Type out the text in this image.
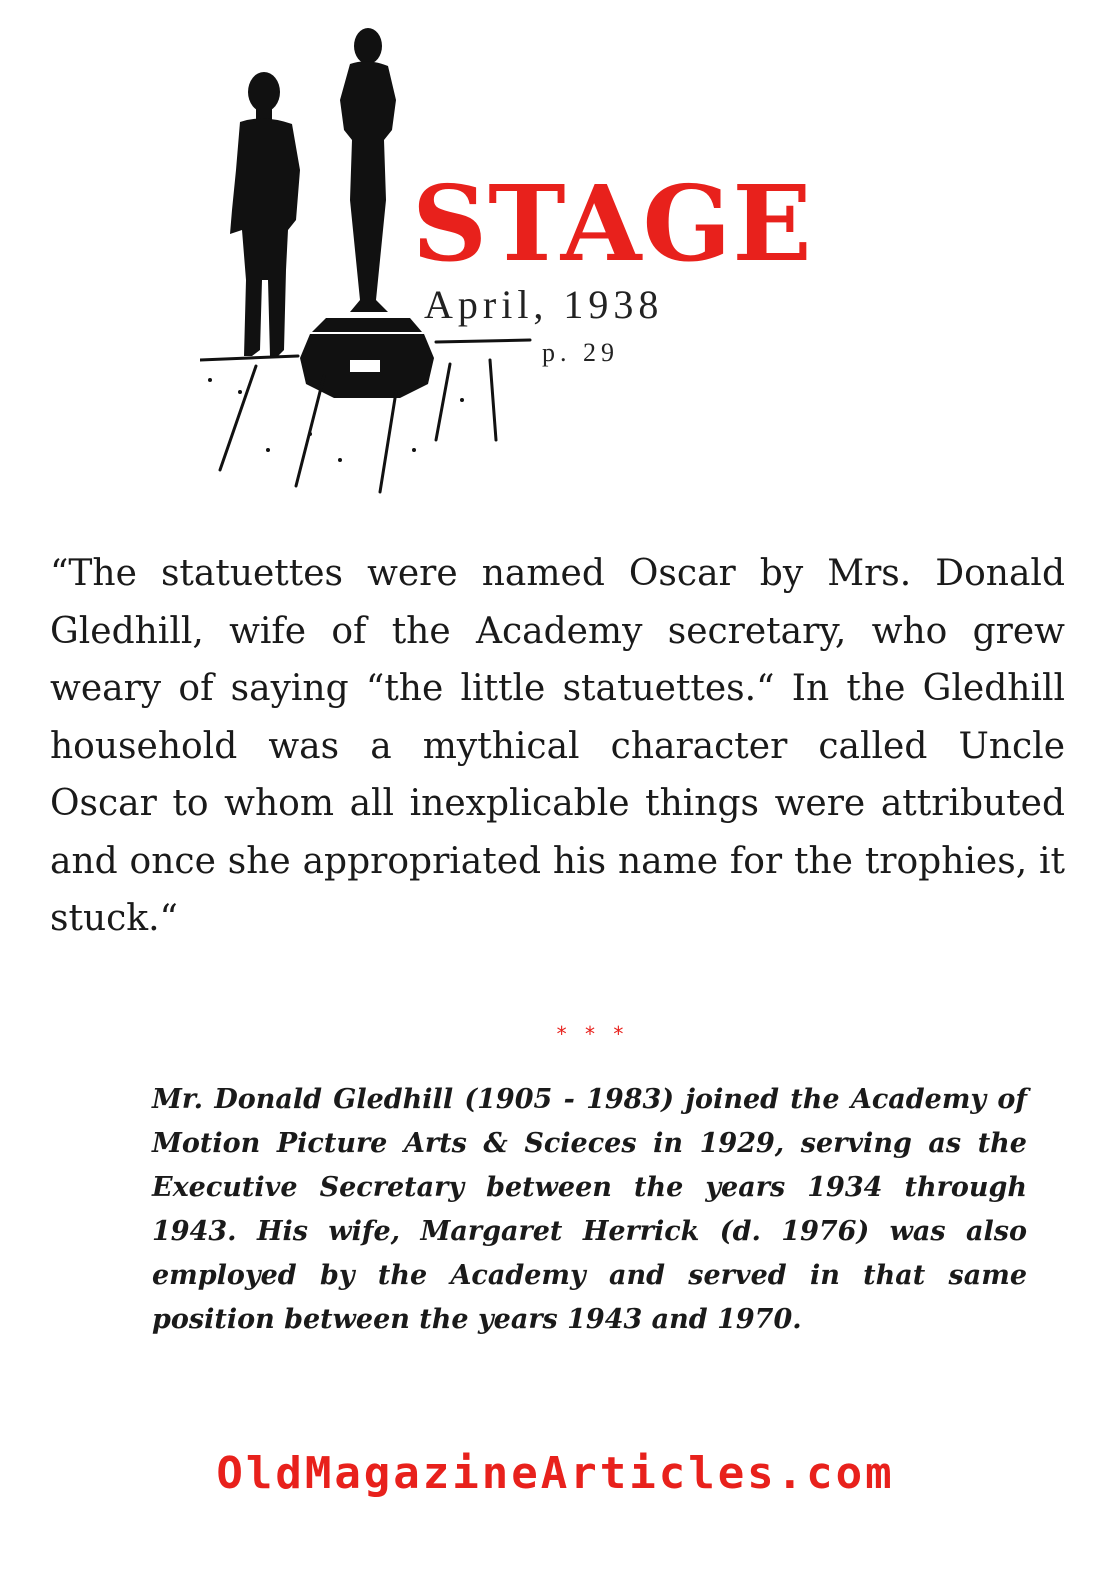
STAGE
April, 1938
p. 29

“The statuettes were named Oscar by Mrs. Donald Gledhill, wife of the Academy secretary, who grew weary of saying “the little statuettes.“ In the Gledhill household was a mythical character called Uncle Oscar to whom all inexplicable things were attributed and once she appropriated his name for the trophies, it stuck.“

* * *

Mr. Donald Gledhill (1905 - 1983) joined the Academy of Motion Picture Arts & Scieces in 1929, serving as the Executive Secretary between the years 1934 through 1943. His wife, Margaret Herrick (d. 1976) was also employed by the Academy and served in that same position between the years 1943 and 1970.

OldMagazineArticles.com
